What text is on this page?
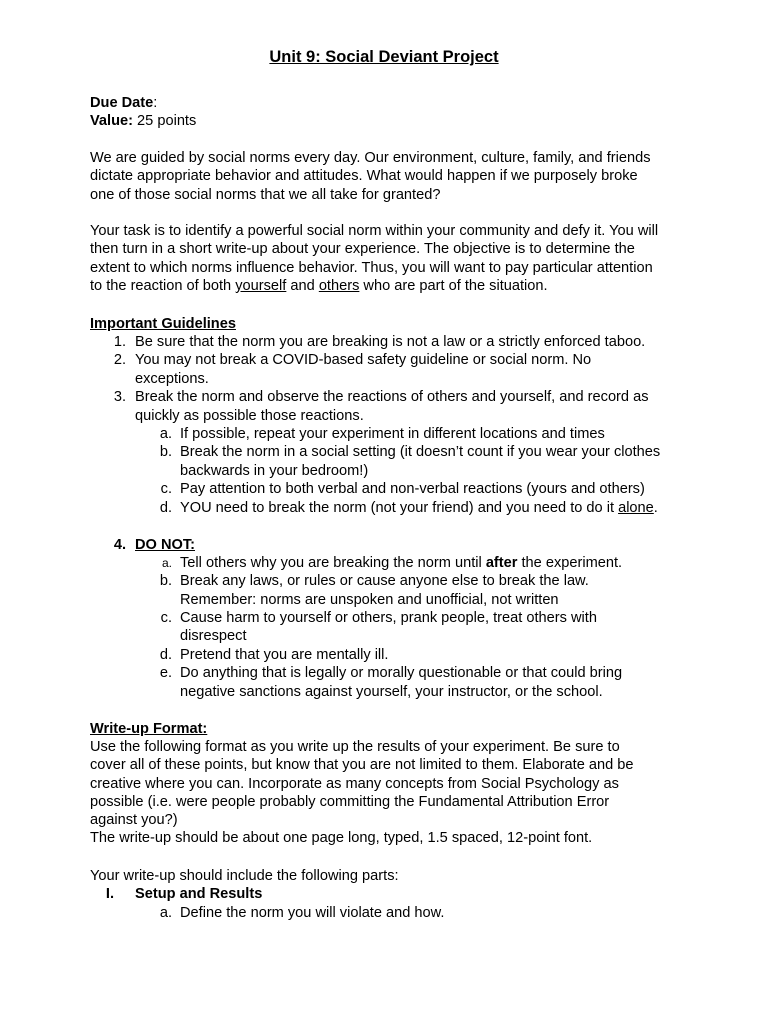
Unit 9: Social Deviant Project
Due Date:
Value: 25 points
We are guided by social norms every day. Our environment, culture, family, and friends
dictate appropriate behavior and attitudes. What would happen if we purposely broke
one of those social norms that we all take for granted?
Your task is to identify a powerful social norm within your community and defy it. You will
then turn in a short write-up about your experience. The objective is to determine the
extent to which norms influence behavior. Thus, you will want to pay particular attention
to the reaction of both yourself and others who are part of the situation.
Important Guidelines
1. Be sure that the norm you are breaking is not a law or a strictly enforced taboo.
2. You may not break a COVID-based safety guideline or social norm. No
exceptions.
3. Break the norm and observe the reactions of others and yourself, and record as
quickly as possible those reactions.
a. If possible, repeat your experiment in different locations and times
b. Break the norm in a social setting (it doesn’t count if you wear your clothes
backwards in your bedroom!)
c. Pay attention to both verbal and non-verbal reactions (yours and others)
d. YOU need to break the norm (not your friend) and you need to do it alone.
4. DO NOT:
a. Tell others why you are breaking the norm until after the experiment.
b. Break any laws, or rules or cause anyone else to break the law.
Remember: norms are unspoken and unofficial, not written
c. Cause harm to yourself or others, prank people, treat others with
disrespect
d. Pretend that you are mentally ill.
e. Do anything that is legally or morally questionable or that could bring
negative sanctions against yourself, your instructor, or the school.
Write-up Format:
Use the following format as you write up the results of your experiment. Be sure to
cover all of these points, but know that you are not limited to them. Elaborate and be
creative where you can. Incorporate as many concepts from Social Psychology as
possible (i.e. were people probably committing the Fundamental Attribution Error
against you?)
The write-up should be about one page long, typed, 1.5 spaced, 12-point font.
Your write-up should include the following parts:
I. Setup and Results
a. Define the norm you will violate and how.
